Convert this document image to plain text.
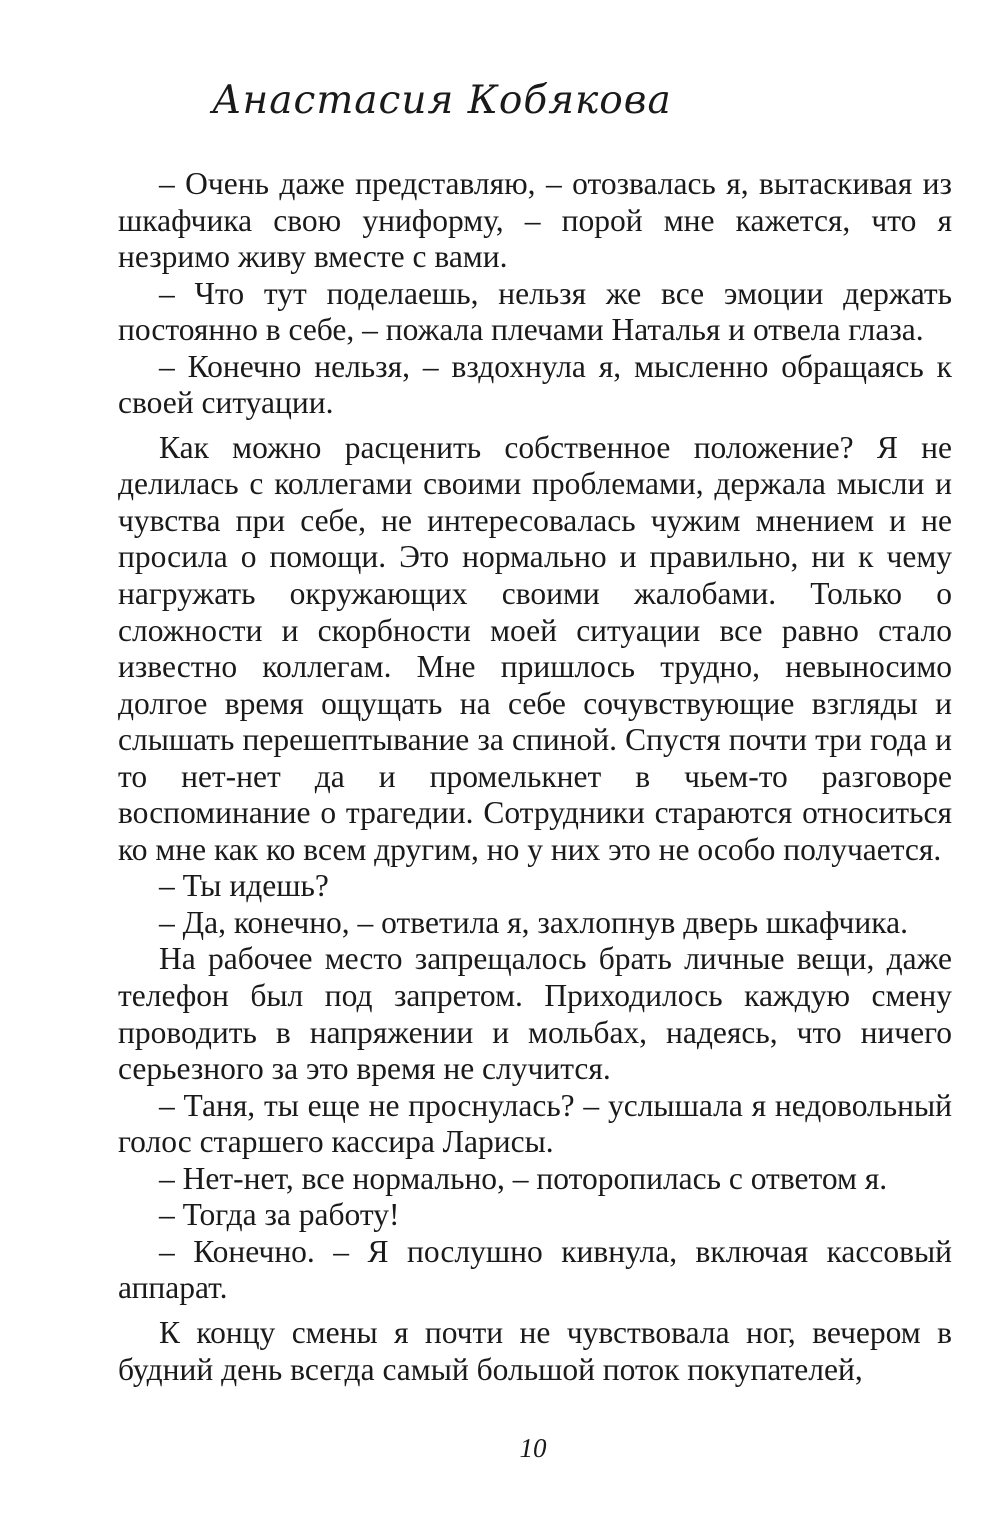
Анастасия Кобякова

– Очень даже представляю, – отозвалась я, вытаскивая из шкафчика свою униформу, – порой мне кажется, что я незримо живу вместе с вами.

– Что тут поделаешь, нельзя же все эмоции держать постоянно в себе, – пожала плечами Наталья и отвела глаза.

– Конечно нельзя, – вздохнула я, мысленно обращаясь к своей ситуации.

Как можно расценить собственное положение? Я не делилась с коллегами своими проблемами, держала мысли и чувства при себе, не интересовалась чужим мнением и не просила о помощи. Это нормально и правильно, ни к чему нагружать окружающих своими жалобами. Только о сложности и скорбности моей ситуации все равно стало известно коллегам. Мне пришлось трудно, невыносимо долгое время ощущать на себе сочувствующие взгляды и слышать перешептывание за спиной. Спустя почти три года и то нет-нет да и промелькнет в чьем-то разговоре воспоминание о трагедии. Сотрудники стараются относиться ко мне как ко всем другим, но у них это не особо получается.

– Ты идешь?

– Да, конечно, – ответила я, захлопнув дверь шкафчика.

На рабочее место запрещалось брать личные вещи, даже телефон был под запретом. Приходилось каждую смену проводить в напряжении и мольбах, надеясь, что ничего серьезного за это время не случится.

– Таня, ты еще не проснулась? – услышала я недовольный голос старшего кассира Ларисы.

– Нет-нет, все нормально, – поторопилась с ответом я.

– Тогда за работу!

– Конечно. – Я послушно кивнула, включая кассовый аппарат.

К концу смены я почти не чувствовала ног, вечером в будний день всегда самый большой поток покупателей,

10
